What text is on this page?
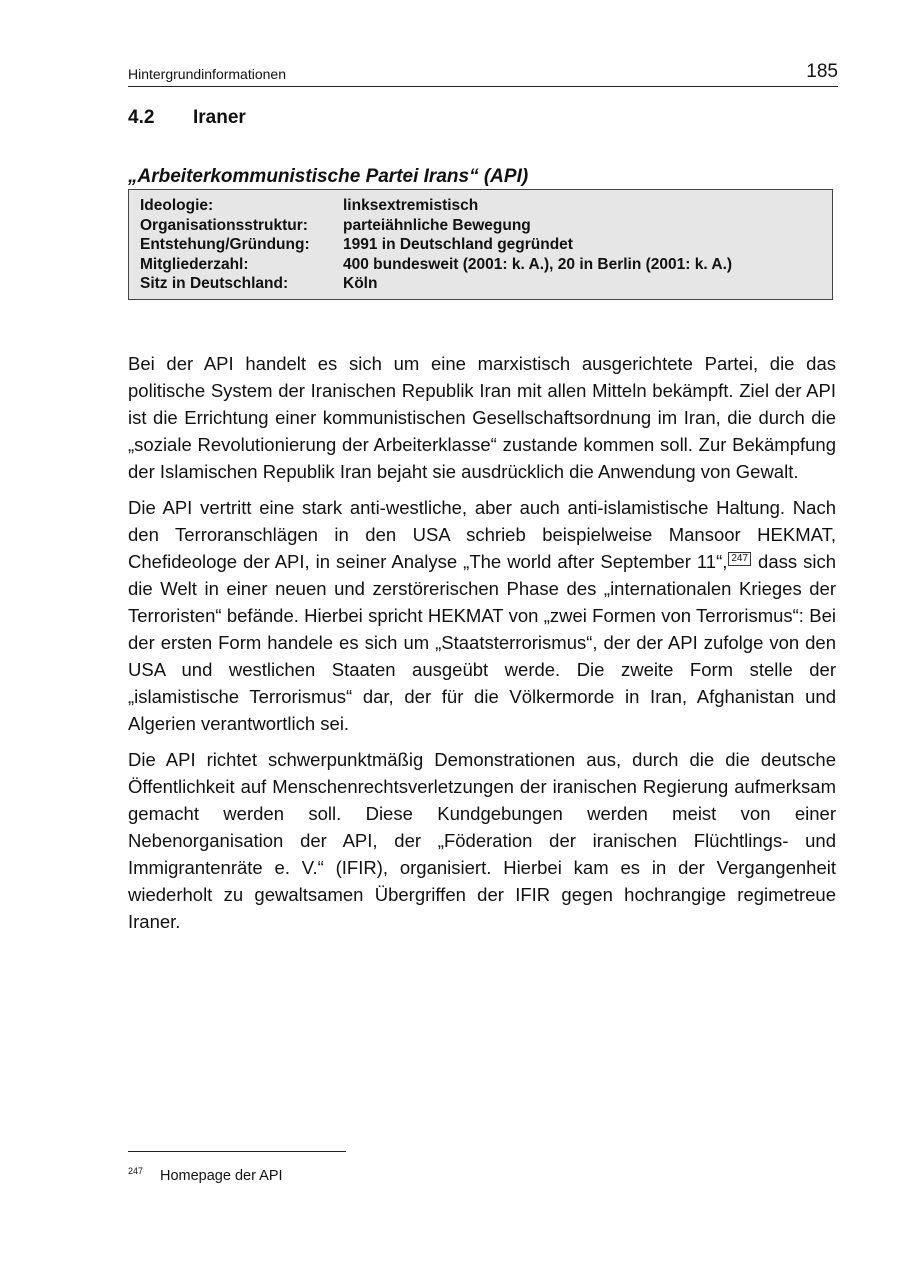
Hintergrundinformationen	185
4.2 Iraner
„Arbeiterkommunistische Partei Irans“ (API)
Ideologie:	linksextremistisch
Organisationsstruktur: parteiähnliche Bewegung
Entstehung/Gründung: 1991 in Deutschland gegründet
Mitgliederzahl:	400 bundesweit (2001: k. A.), 20 in Berlin (2001: k. A.)
Sitz in Deutschland:	Köln

Bei der API handelt es sich um eine marxistisch ausgerichtete Partei, die das politische System der Iranischen Republik Iran mit allen Mitteln bekämpft. Ziel der API ist die Errichtung einer kommunistischen Gesellschaftsordnung im Iran, die durch die „soziale Revolutionierung der Arbeiterklasse“ zustande kommen soll. Zur Bekämpfung der Islamischen Republik Iran bejaht sie ausdrücklich die Anwendung von Gewalt.

Die API vertritt eine stark anti-westliche, aber auch anti-islamistische Haltung. Nach den Terroranschlägen in den USA schrieb beispielweise Mansoor HEKMAT, Chefideologe der API, in seiner Analyse „The world after September 11“, 247 dass sich die Welt in einer neuen und zerstörerischen Phase des „internationalen Krieges der Terroristen“ befände. Hierbei spricht HEKMAT von „zwei Formen von Terrorismus“: Bei der ersten Form handele es sich um „Staatsterrorismus“, der der API zufolge von den USA und westlichen Staaten ausgeübt werde. Die zweite Form stelle der „islamistische Terrorismus“ dar, der für die Völkermorde in Iran, Afghanistan und Algerien verantwortlich sei.

Die API richtet schwerpunktmäßig Demonstrationen aus, durch die die deutsche Öffentlichkeit auf Menschenrechtsverletzungen der iranischen Regierung aufmerksam gemacht werden soll. Diese Kundgebungen werden meist von einer Nebenorganisation der API, der „Föderation der iranischen Flüchtlings- und Immigrantenräte e. V.“ (IFIR), organisiert. Hierbei kam es in der Vergangenheit wiederholt zu gewaltsamen Übergriffen der IFIR gegen hochrangige regimetreue Iraner.

247 Homepage der API
